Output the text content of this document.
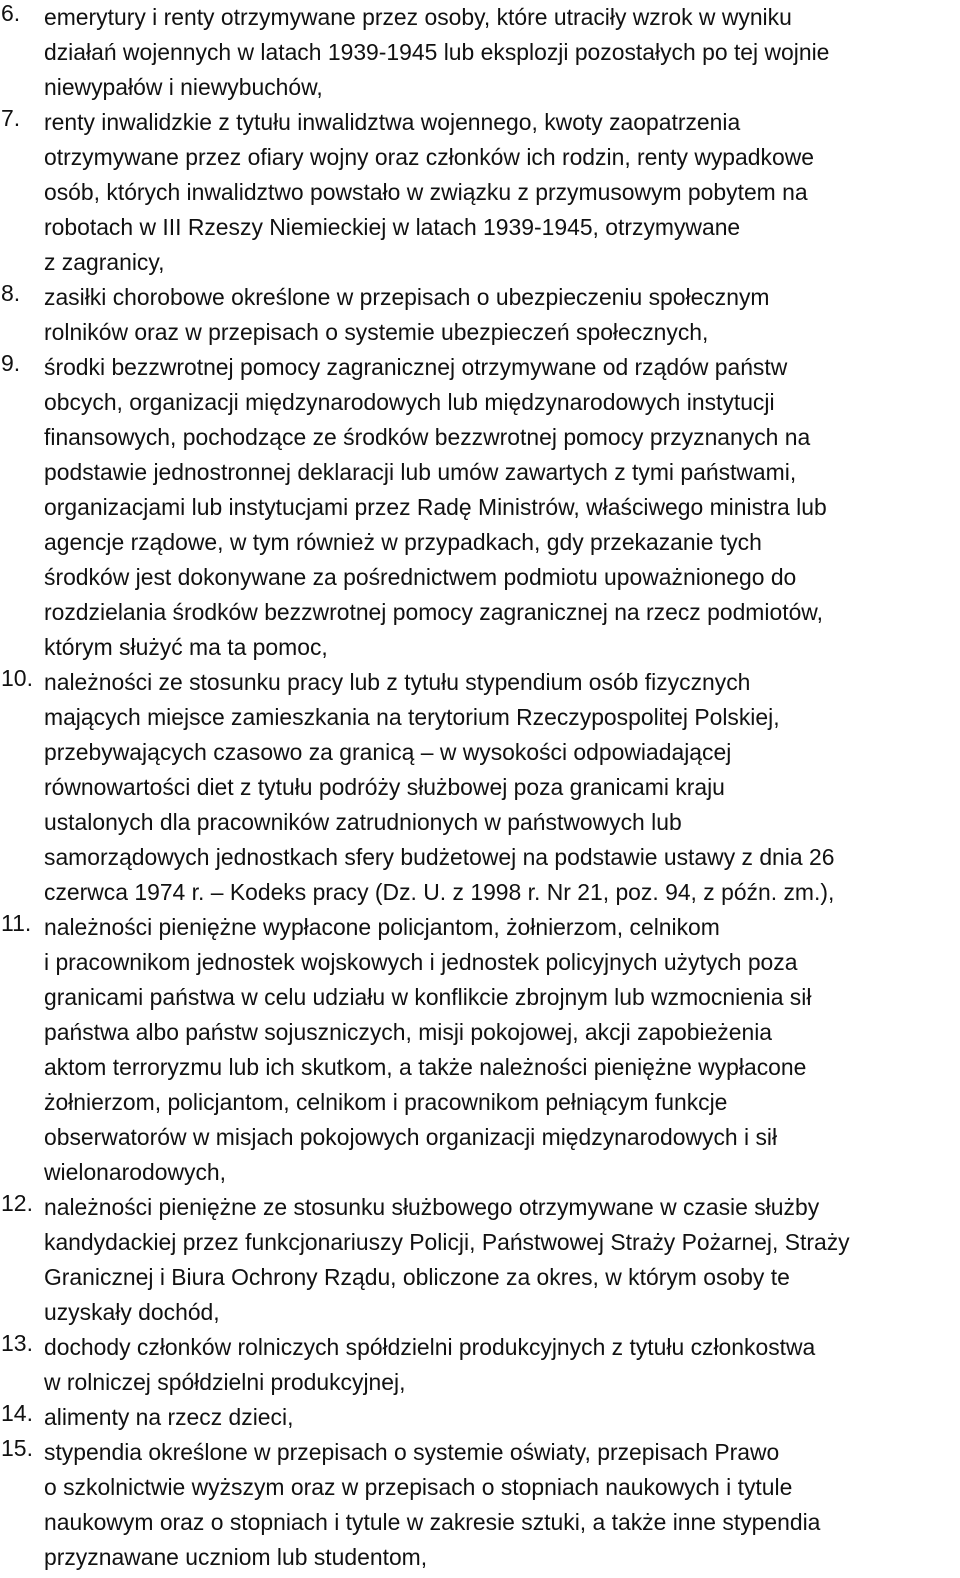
6.	emerytury i renty otrzymywane przez osoby, które utraciły wzrok w wyniku
działań wojennych w latach 1939-1945 lub eksplozji pozostałych po tej wojnie
niewypałów i niewybuchów,
7.	renty inwalidzkie z tytułu inwalidztwa wojennego, kwoty zaopatrzenia
otrzymywane przez ofiary wojny oraz członków ich rodzin, renty wypadkowe
osób, których inwalidztwo powstało w związku z przymusowym pobytem na
robotach w III Rzeszy Niemieckiej w latach 1939-1945, otrzymywane
z zagranicy,
8.	zasiłki chorobowe określone w przepisach o ubezpieczeniu społecznym
rolników oraz w przepisach o systemie ubezpieczeń społecznych,
9.	środki bezzwrotnej pomocy zagranicznej otrzymywane od rządów państw
obcych, organizacji międzynarodowych lub międzynarodowych instytucji
finansowych, pochodzące ze środków bezzwrotnej pomocy przyznanych na
podstawie jednostronnej deklaracji lub umów zawartych z tymi państwami,
organizacjami lub instytucjami przez Radę Ministrów, właściwego ministra lub
agencje rządowe, w tym również w przypadkach, gdy przekazanie tych
środków jest dokonywane za pośrednictwem podmiotu upoważnionego do
rozdzielania środków bezzwrotnej pomocy zagranicznej na rzecz podmiotów,
którym służyć ma ta pomoc,
10. należności ze stosunku pracy lub z tytułu stypendium osób fizycznych
mających miejsce zamieszkania na terytorium Rzeczypospolitej Polskiej,
przebywających czasowo za granicą – w wysokości odpowiadającej
równowartości diet z tytułu podróży służbowej poza granicami kraju
ustalonych dla pracowników zatrudnionych w państwowych lub
samorządowych jednostkach sfery budżetowej na podstawie ustawy z dnia 26
czerwca 1974 r. – Kodeks pracy (Dz. U. z 1998 r. Nr 21, poz. 94, z późn. zm.),
11. należności pieniężne wypłacone policjantom, żołnierzom, celnikom
i pracownikom jednostek wojskowych i jednostek policyjnych użytych poza
granicami państwa w celu udziału w konflikcie zbrojnym lub wzmocnienia sił
państwa albo państw sojuszniczych, misji pokojowej, akcji zapobieżenia
aktom terroryzmu lub ich skutkom, a także należności pieniężne wypłacone
żołnierzom, policjantom, celnikom i pracownikom pełniącym funkcje
obserwatorów w misjach pokojowych organizacji międzynarodowych i sił
wielonarodowych,
12. należności pieniężne ze stosunku służbowego otrzymywane w czasie służby
kandydackiej przez funkcjonariuszy Policji, Państwowej Straży Pożarnej, Straży
Granicznej i Biura Ochrony Rządu, obliczone za okres, w którym osoby te
uzyskały dochód,
13. dochody członków rolniczych spółdzielni produkcyjnych z tytułu członkostwa
w rolniczej spółdzielni produkcyjnej,
14. alimenty na rzecz dzieci,
15. stypendia określone w przepisach o systemie oświaty, przepisach Prawo
o szkolnictwie wyższym oraz w przepisach o stopniach naukowych i tytule
naukowym oraz o stopniach i tytule w zakresie sztuki, a także inne stypendia
przyznawane uczniom lub studentom,
